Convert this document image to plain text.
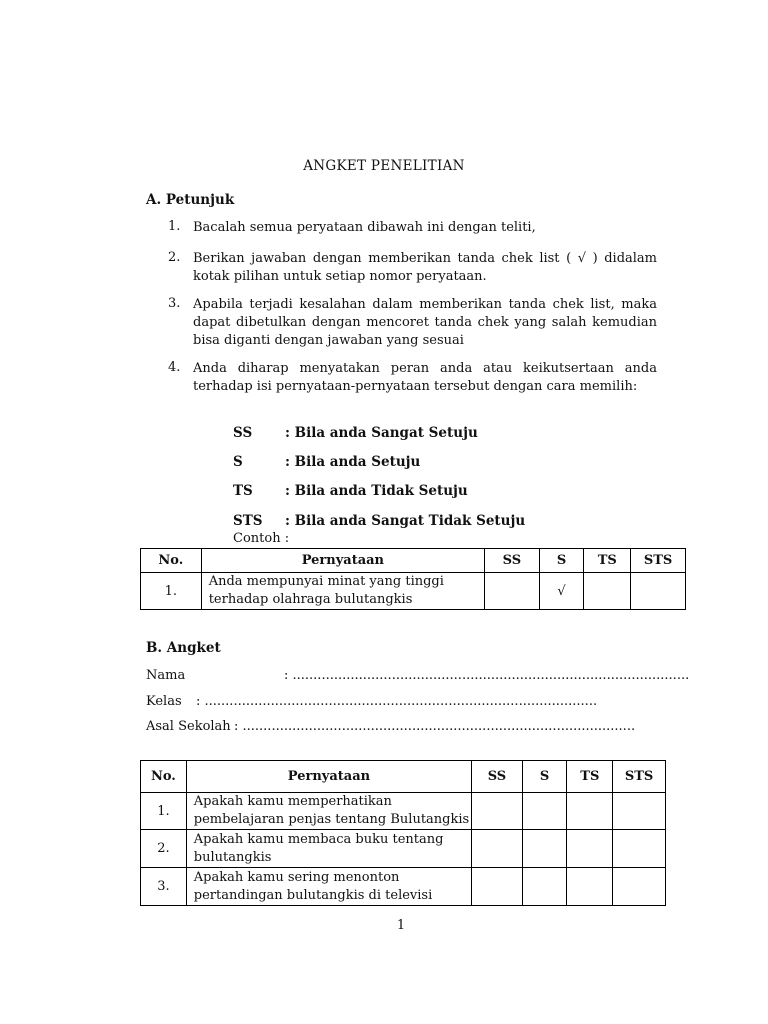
ANGKET PENELITIAN
A. Petunjuk
1. Bacalah semua peryataan dibawah ini dengan teliti,
2. Berikan jawaban dengan memberikan tanda chek list ( √ ) didalam kotak pilihan untuk setiap nomor peryataan.
3. Apabila terjadi kesalahan dalam memberikan tanda chek list, maka dapat dibetulkan dengan mencoret tanda chek yang salah kemudian bisa diganti dengan jawaban yang sesuai
4. Anda diharap menyatakan peran anda atau keikutsertaan anda terhadap isi pernyataan-pernyataan tersebut dengan cara memilih:
SS : Bila anda Sangat Setuju
S	: Bila anda Setuju
TS : Bila anda Tidak Setuju
STS : Bila anda Sangat Tidak Setuju
Contoh :
No.	Pernyataan	SS	S	TS	STS
1.	Anda mempunyai minat yang tinggi terhadap olahraga bulutangkis		√		
B. Angket
Nama	: ................................................................................................
Kelas : ...............................................................................................
Asal Sekolah : ...............................................................................................
No.	Pernyataan	SS	S	TS	STS
1.	Apakah kamu memperhatikan pembelajaran penjas tentang Bulutangkis				
2.	Apakah kamu membaca buku tentang bulutangkis				
3.	Apakah kamu sering menonton pertandingan bulutangkis di televisi				
1
